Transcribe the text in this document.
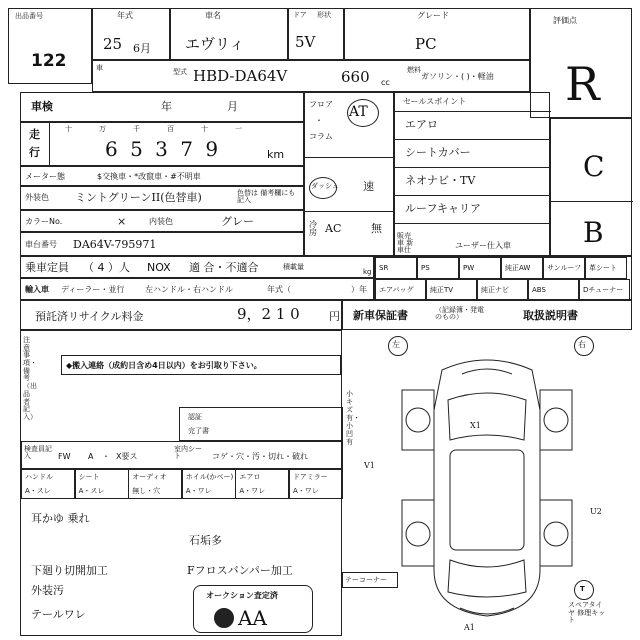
出品番号
122
年式
25 6月
車名
エヴリィ
ドア 形状
5V
グレード
PC
評価点
R
車	型式 HBD-DA64V	660 cc
燃料
ガソリン・( )・軽油
車検	年	月
走
行
十	万	千	百	十	一
6 5 3 7 9	km
メーター態	$交換車・*改竄車・#不明車
外装色 ミントグリーンII(色替車)	色替は 備考欄にも記入
カラーNo.	×	内装色	グレー
車台番号 DA64V-795971
フロア
・
コラム
AT
ダッシュ 速
冷房 AC	無
セールスポイント
エアロ
シートカバー
ネオナビ・TV
ルーフキャリア
販売車 新車仕	ユーザー仕入車
C
B
乗車定員 （ 4 ）人 NOX 適 合・不適合	積載量
kg
輸入車 ディーラー・並行	左ハンドル・右ハンドル	年式（	）年
SR	PS	PW	純正AW サンルーフ 革シート
エアバッグ 純正TV	純正ナビ	ABS	Dチューナー
預託済リサイクル料金	9，2 1 0	円 新車保証書	（記録簿・発電のもの）	取扱説明書
注意事項・備考（出品者記入）
◆搬入連絡（成約日含め4日以内）をお引取り下さい。
認証
完了書
検査員記入	FW A ・ X要ス
室内シート	コゲ・穴・汚・切れ・破れ
ハンドル
A・スレ
シート
A・スレ
オーディオ
無し・穴
ホイル(かべー)
A・ワレ
エアロ
A・ワレ
ドアミラー
A・ワレ
耳かゆ 乗れ
石垢多
下廻り切開加工	Fフロスバンパー加工
外装汚
テールワレ
オークション査定済
AA
左	右
小キズ有・小凹有
X1
V1
U2
A1
テーコーナー
T
スペアタイヤ 修理キット
